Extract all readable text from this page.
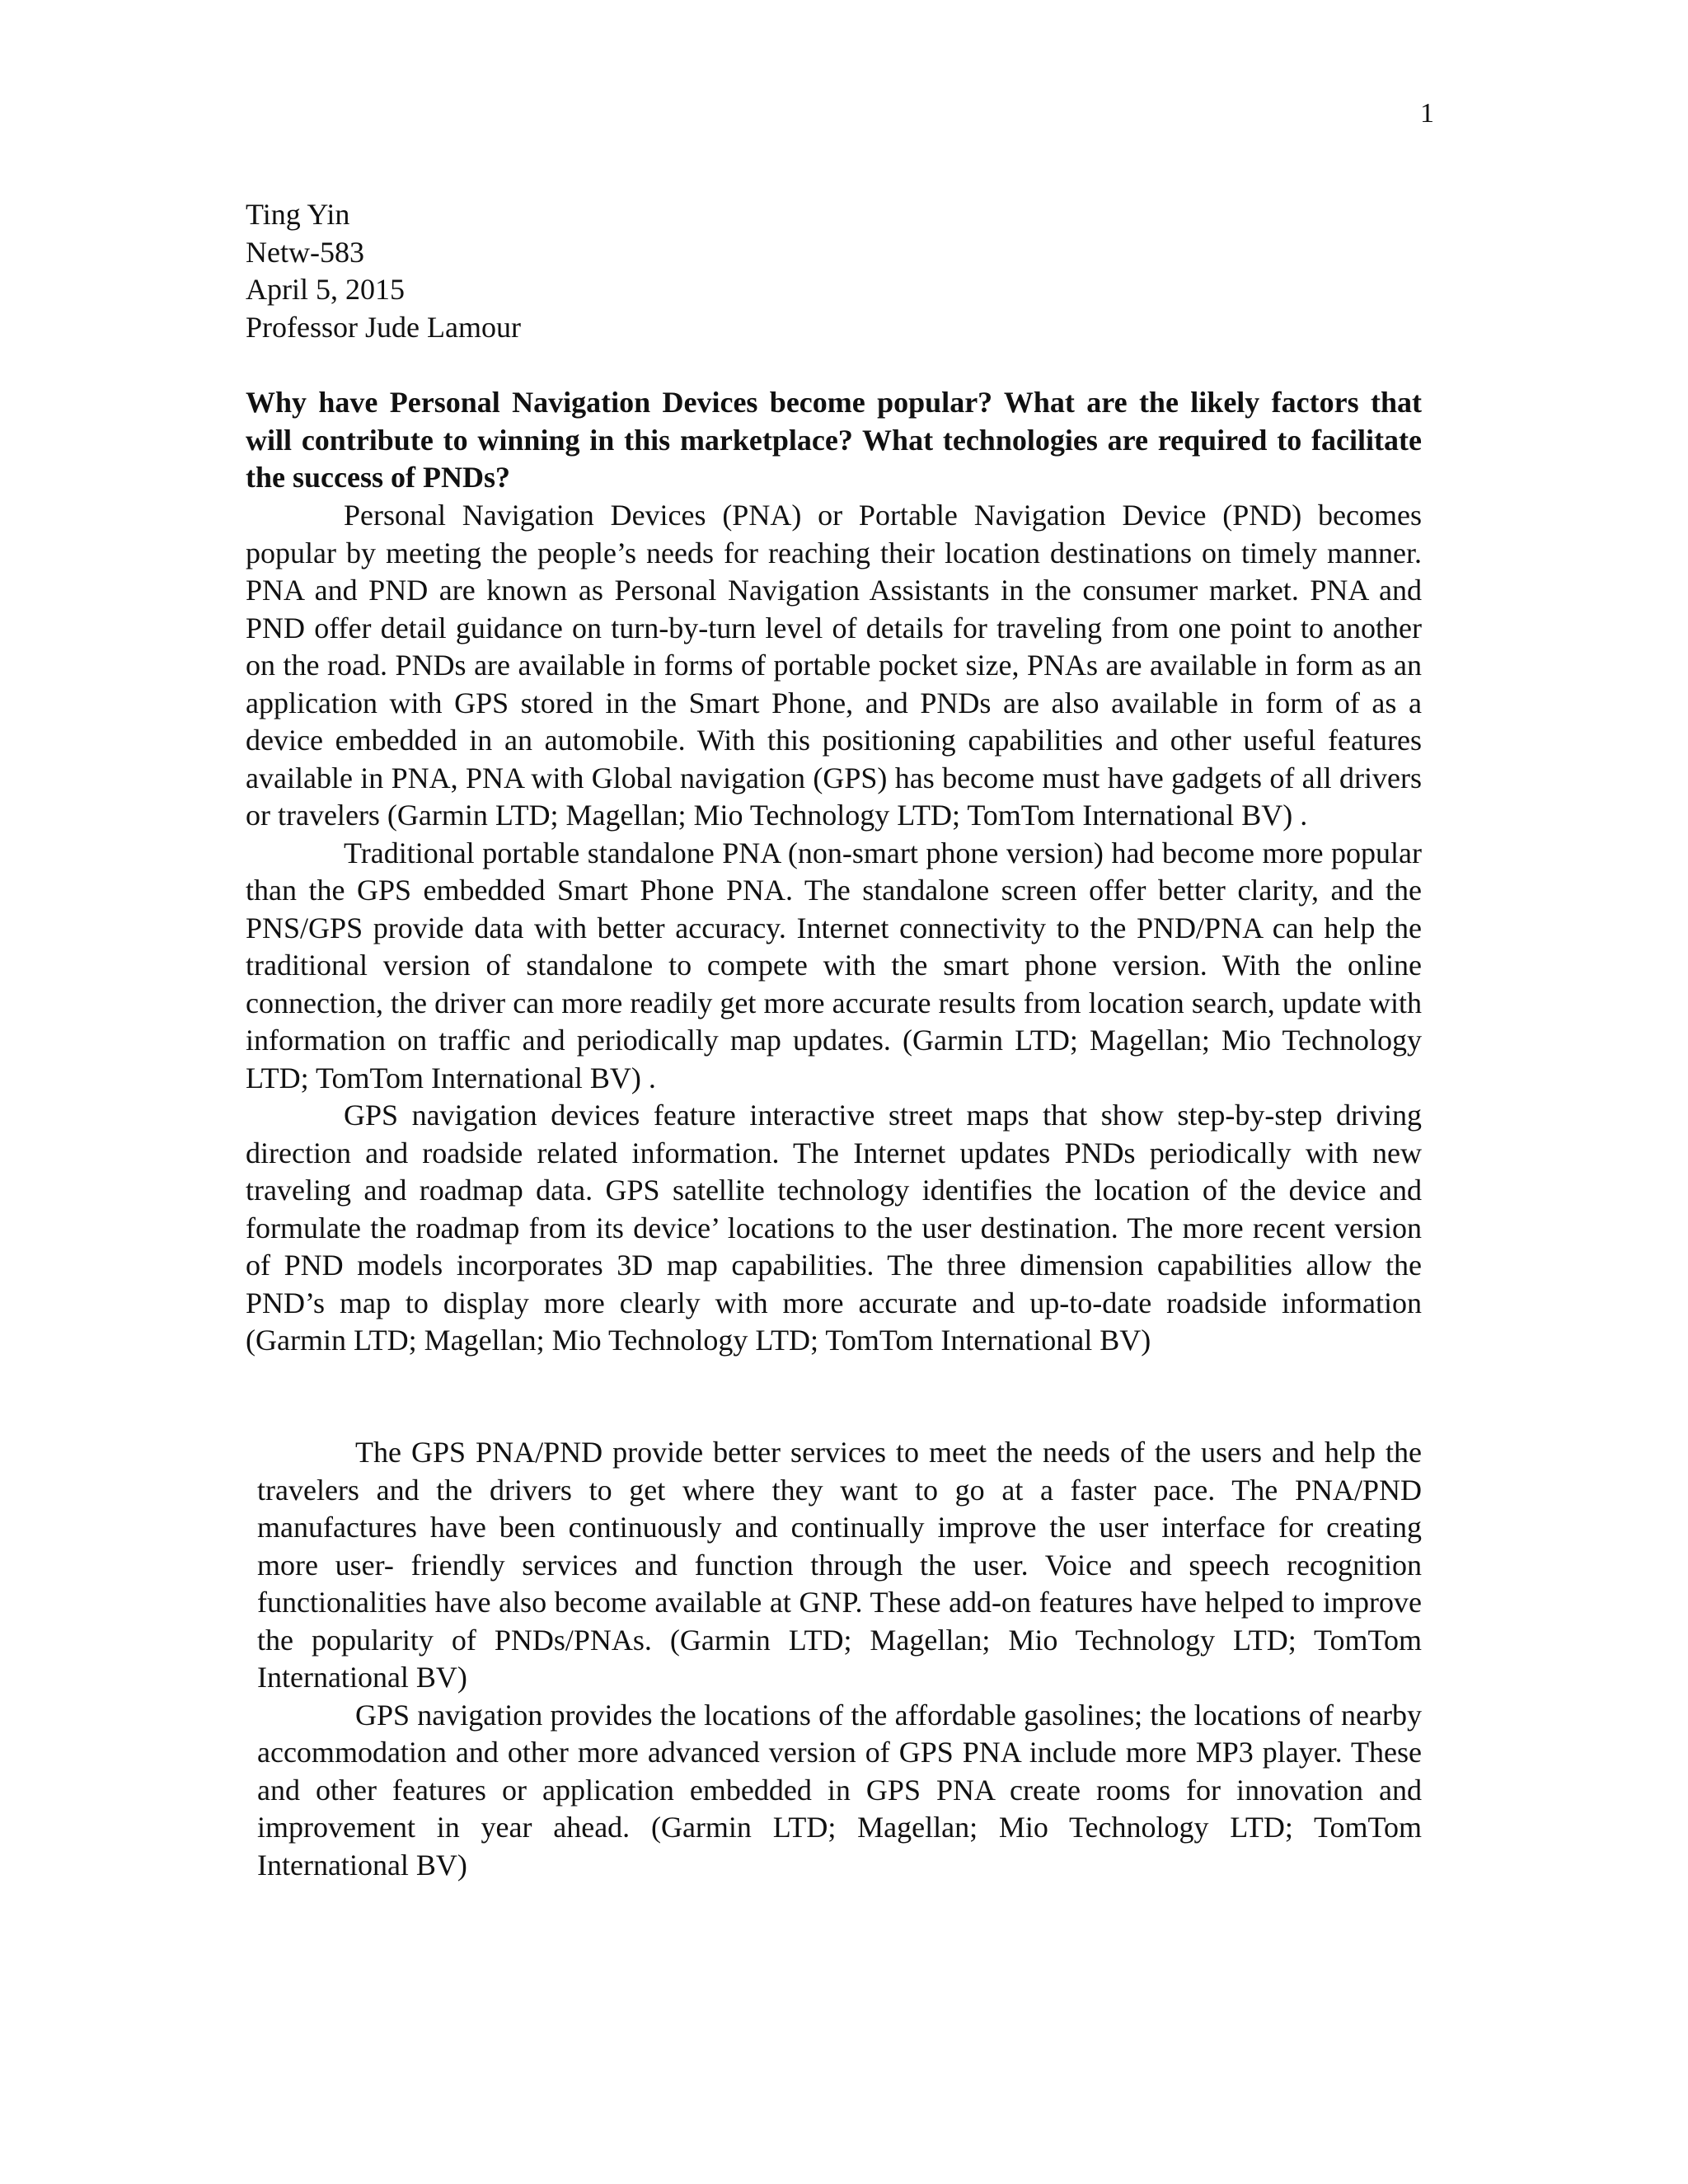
1
Ting Yin
Netw-583
April 5, 2015
Professor Jude Lamour

Why have Personal Navigation Devices become popular? What are the likely factors that will contribute to winning in this marketplace? What technologies are required to facilitate the success of PNDs?

Personal Navigation Devices (PNA) or Portable Navigation Device (PND) becomes popular by meeting the people’s needs for reaching their location destinations on timely manner. PNA and PND are known as Personal Navigation Assistants in the consumer market. PNA and PND offer detail guidance on turn-by-turn level of details for traveling from one point to another on the road. PNDs are available in forms of portable pocket size, PNAs are available in form as an application with GPS stored in the Smart Phone, and PNDs are also available in form of as a device embedded in an automobile. With this positioning capabilities and other useful features available in PNA, PNA with Global navigation (GPS) has become must have gadgets of all drivers or travelers (Garmin LTD; Magellan; Mio Technology LTD; TomTom International BV) .

Traditional portable standalone PNA (non-smart phone version) had become more popular than the GPS embedded Smart Phone PNA. The standalone screen offer better clarity, and the PNS/GPS provide data with better accuracy. Internet connectivity to the PND/PNA can help the traditional version of standalone to compete with the smart phone version. With the online connection, the driver can more readily get more accurate results from location search, update with information on traffic and periodically map updates. (Garmin LTD; Magellan; Mio Technology LTD; TomTom International BV) .

GPS navigation devices feature interactive street maps that show step-by-step driving direction and roadside related information. The Internet updates PNDs periodically with new traveling and roadmap data. GPS satellite technology identifies the location of the device and formulate the roadmap from its device’ locations to the user destination. The more recent version of PND models incorporates 3D map capabilities. The three dimension capabilities allow the PND’s map to display more clearly with more accurate and up-to-date roadside information (Garmin LTD; Magellan; Mio Technology LTD; TomTom International BV)

The GPS PNA/PND provide better services to meet the needs of the users and help the travelers and the drivers to get where they want to go at a faster pace. The PNA/PND manufactures have been continuously and continually improve the user interface for creating more user- friendly services and function through the user. Voice and speech recognition functionalities have also become available at GNP. These add-on features have helped to improve the popularity of PNDs/PNAs. (Garmin LTD; Magellan; Mio Technology LTD; TomTom International BV)

GPS navigation provides the locations of the affordable gasolines; the locations of nearby accommodation and other more advanced version of GPS PNA include more MP3 player. These and other features or application embedded in GPS PNA create rooms for innovation and improvement in year ahead. (Garmin LTD; Magellan; Mio Technology LTD; TomTom International BV)
